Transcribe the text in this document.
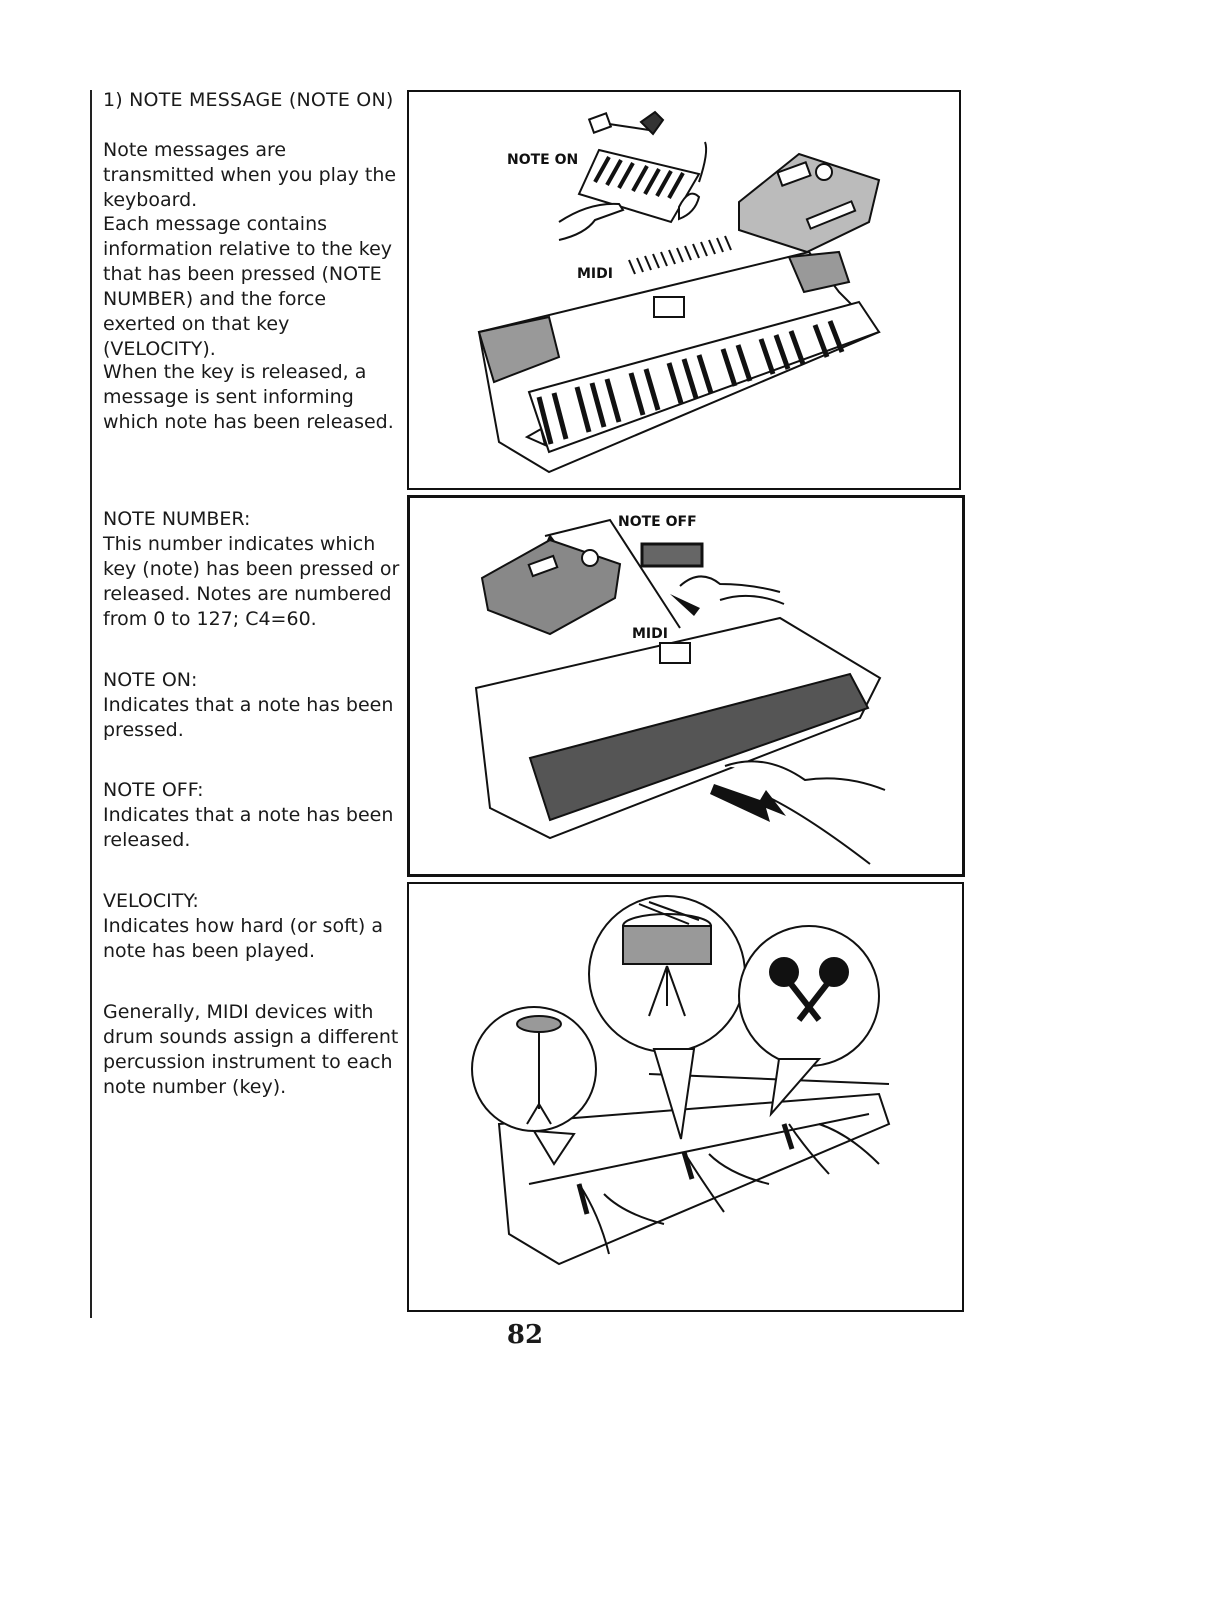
1) NOTE MESSAGE (NOTE ON)

Note messages are transmitted when you play the keyboard.

Each message contains information relative to the key that has been pressed (NOTE NUMBER) and the force exerted on that key (VELOCITY).

When the key is released, a message is sent informing which note has been released.

NOTE NUMBER:

This number indicates which key (note) has been pressed or released. Notes are numbered from 0 to 127; C4=60.

NOTE ON:

Indicates that a note has been pressed.

NOTE OFF:

Indicates that a note has been released.

VELOCITY:

Indicates how hard (or soft) a note has been played.

Generally, MIDI devices with drum sounds assign a different percussion instrument to each note number (key).

NOTE ON
MIDI
NOTE OFF
MIDI
82
